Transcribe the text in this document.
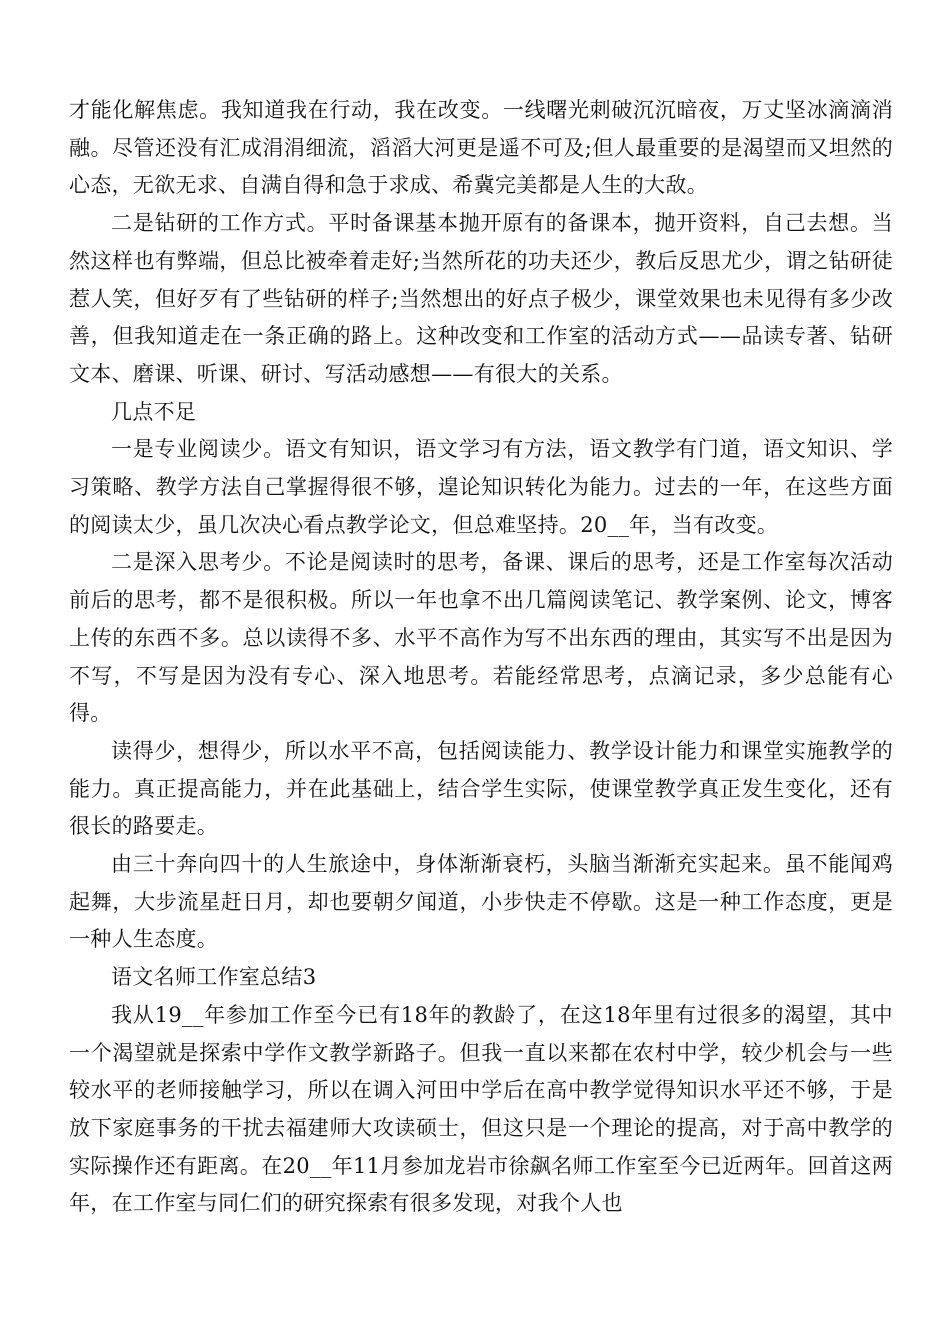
才能化解焦虑。我知道我在行动，我在改变。一线曙光刺破沉沉暗夜，万丈坚冰滴滴消融。尽管还没有汇成涓涓细流，滔滔大河更是遥不可及;但人最重要的是渴望而又坦然的心态，无欲无求、自满自得和急于求成、希冀完美都是人生的大敌。

二是钻研的工作方式。平时备课基本抛开原有的备课本，抛开资料，自己去想。当然这样也有弊端，但总比被牵着走好;当然所花的功夫还少，教后反思尤少，谓之钻研徒惹人笑，但好歹有了些钻研的样子;当然想出的好点子极少，课堂效果也未见得有多少改善，但我知道走在一条正确的路上。这种改变和工作室的活动方式——品读专著、钻研文本、磨课、听课、研讨、写活动感想——有很大的关系。

几点不足

一是专业阅读少。语文有知识，语文学习有方法，语文教学有门道，语文知识、学习策略、教学方法自己掌握得很不够，遑论知识转化为能力。过去的一年，在这些方面的阅读太少，虽几次决心看点教学论文，但总难坚持。20__年，当有改变。

二是深入思考少。不论是阅读时的思考，备课、课后的思考，还是工作室每次活动前后的思考，都不是很积极。所以一年也拿不出几篇阅读笔记、教学案例、论文，博客上传的东西不多。总以读得不多、水平不高作为写不出东西的理由，其实写不出是因为不写，不写是因为没有专心、深入地思考。若能经常思考，点滴记录，多少总能有心得。

读得少，想得少，所以水平不高，包括阅读能力、教学设计能力和课堂实施教学的能力。真正提高能力，并在此基础上，结合学生实际，使课堂教学真正发生变化，还有很长的路要走。

由三十奔向四十的人生旅途中，身体渐渐衰朽，头脑当渐渐充实起来。虽不能闻鸡起舞，大步流星赶日月，却也要朝夕闻道，小步快走不停歇。这是一种工作态度，更是一种人生态度。

语文名师工作室总结3

我从19__年参加工作至今已有18年的教龄了，在这18年里有过很多的渴望，其中一个渴望就是探索中学作文教学新路子。但我一直以来都在农村中学，较少机会与一些较水平的老师接触学习，所以在调入河田中学后在高中教学觉得知识水平还不够，于是放下家庭事务的干扰去福建师大攻读硕士，但这只是一个理论的提高，对于高中教学的实际操作还有距离。在20__年11月参加龙岩市徐飙名师工作室至今已近两年。回首这两年，在工作室与同仁们的研究探索有很多发现，对我个人也
